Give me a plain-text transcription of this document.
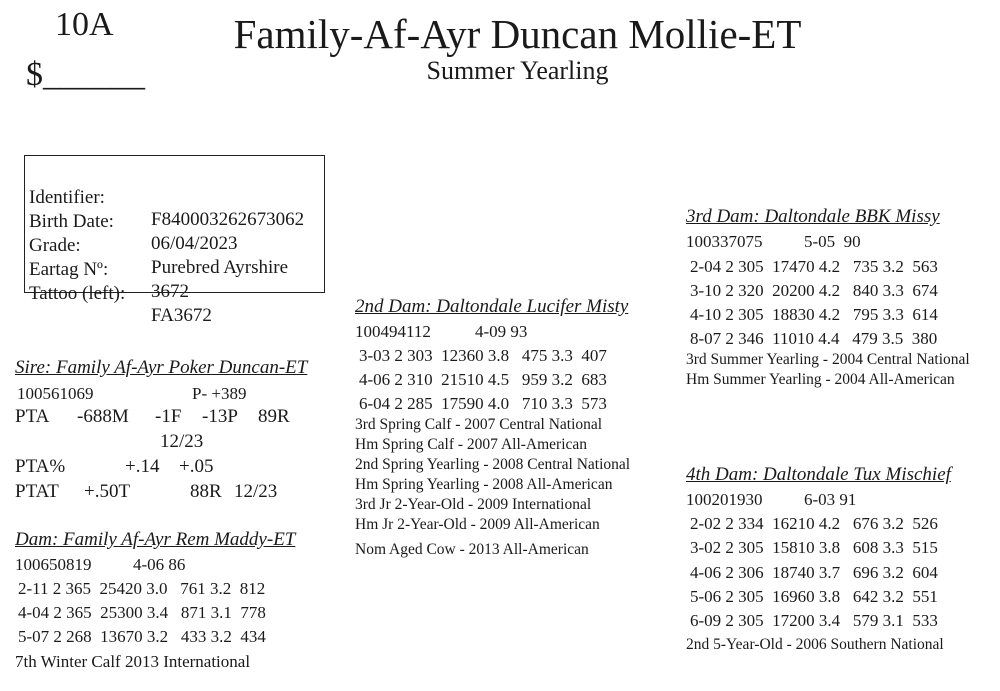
10A
$______
Family-Af-Ayr Duncan Mollie-ET
Summer Yearling

Identifier:

F840003262673062

Birth Date:

06/04/2023

Grade:

Purebred Ayrshire

Eartag Nº:

3672

Tattoo (left):

FA3672

Sire: Family Af-Ayr Poker Duncan-ET
100561069	P- +389
PTA -688M -1F -13P 89R
12/23
PTA%	+.14 +.05
PTAT +.50T	88R 12/23
Dam: Family Af-Ayr Rem Maddy-ET
100650819 4-06 86
2-11 2 365  25420 3.0   761 3.2  812
4-04 2 365  25300 3.4   871 3.1  778
5-07 2 268  13670 3.2   433 3.2  434
7th Winter Calf 2013 International
2nd Dam: Daltondale Lucifer Misty
100494112	4-09 93
3-03 2 303  12360 3.8   475 3.3  407
4-06 2 310  21510 4.5   959 3.2  683
6-04 2 285  17590 4.0   710 3.3  573
3rd Spring Calf - 2007 Central National
Hm Spring Calf - 2007 All-American
2nd Spring Yearling - 2008 Central National
Hm Spring Yearling - 2008 All-American
3rd Jr 2-Year-Old - 2009 International
Hm Jr 2-Year-Old - 2009 All-American
Nom Aged Cow - 2013 All-American
3rd Dam: Daltondale BBK Missy
100337075 5-05  90
2-04 2 305  17470 4.2   735 3.2  563
3-10 2 320  20200 4.2   840 3.3  674
4-10 2 305  18830 4.2   795 3.3  614
8-07 2 346  11010 4.4   479 3.5  380
3rd Summer Yearling - 2004 Central National
Hm Summer Yearling - 2004 All-American
4th Dam: Daltondale Tux Mischief
100201930 6-03 91
2-02 2 334  16210 4.2   676 3.2  526
3-02 2 305  15810 3.8   608 3.3  515
4-06 2 306  18740 3.7   696 3.2  604
5-06 2 305  16960 3.8   642 3.2  551
6-09 2 305  17200 3.4   579 3.1  533
2nd 5-Year-Old - 2006 Southern National
